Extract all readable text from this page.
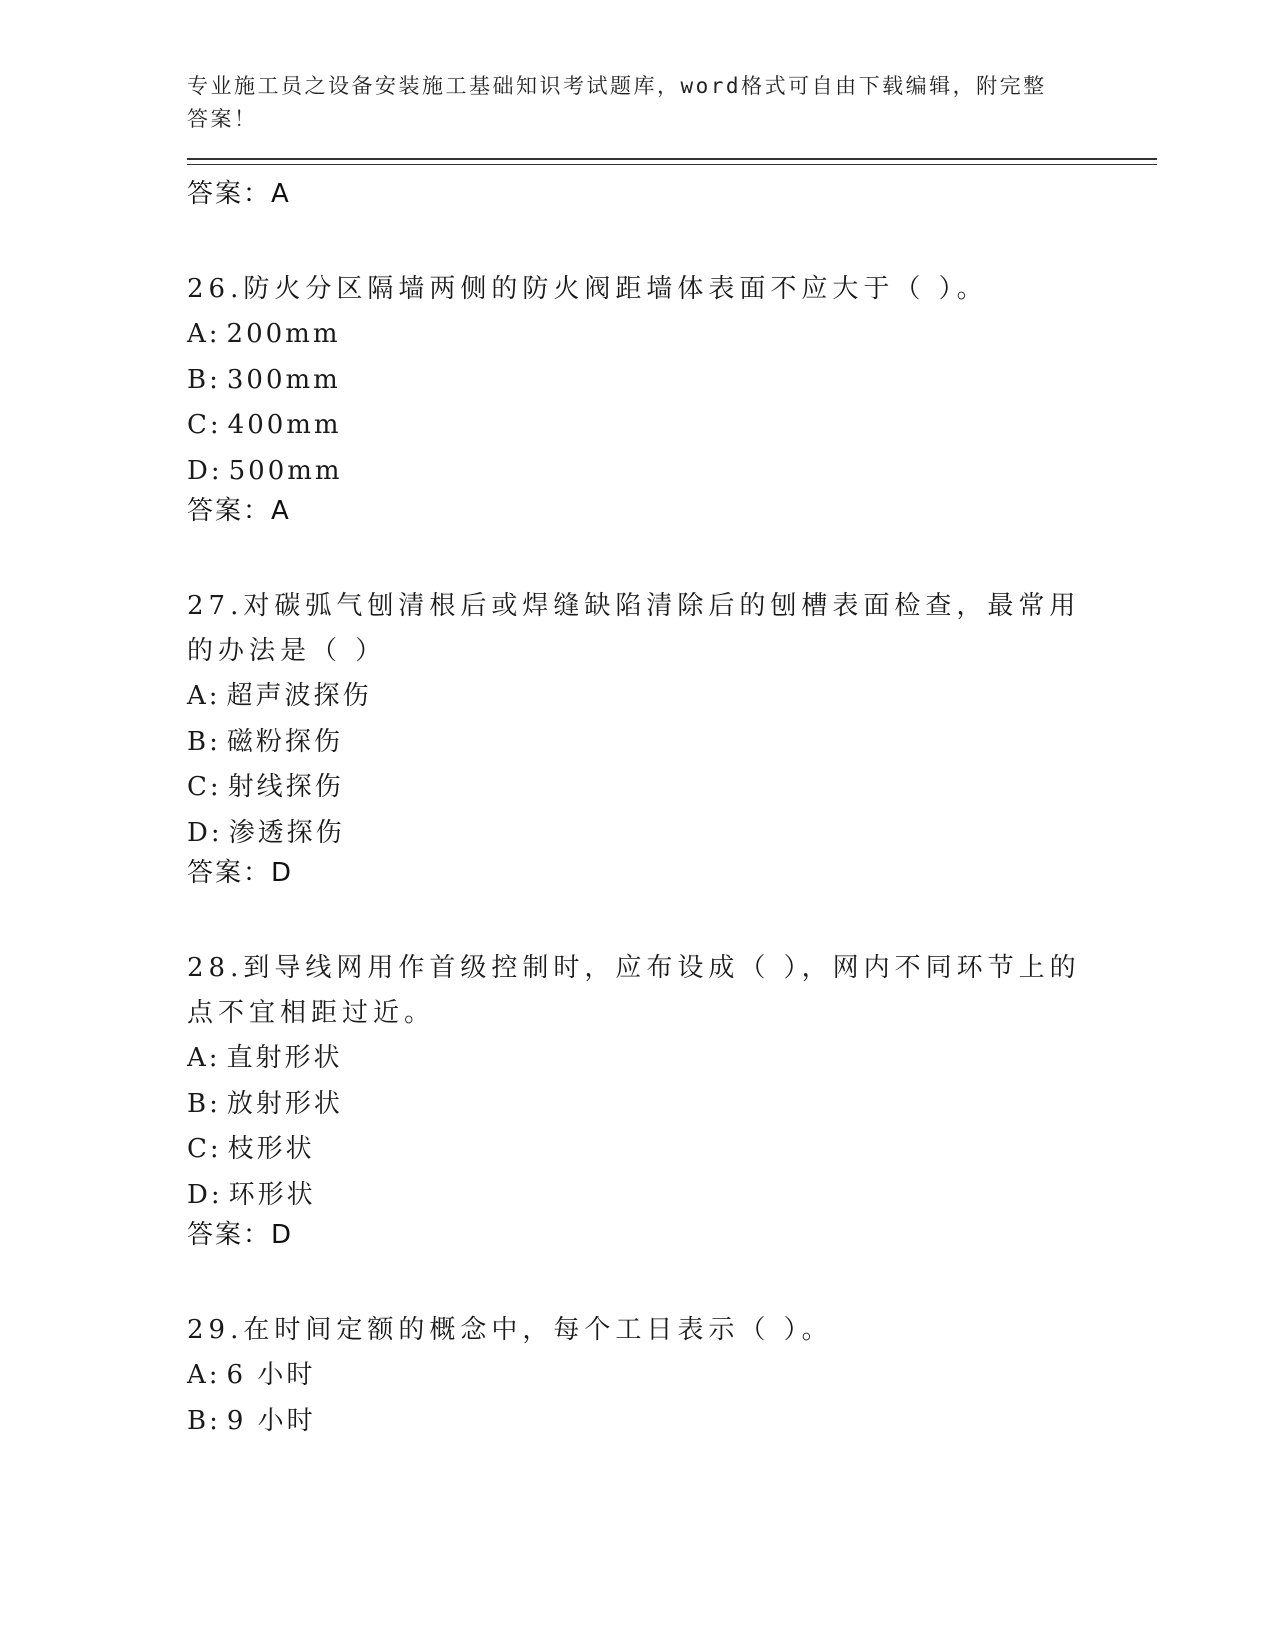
专业施工员之设备安装施工基础知识考试题库，word格式可自由下载编辑，附完整答案！
答案：A
26.防火分区隔墙两侧的防火阀距墙体表面不应大于（ ）。
A: 200mm
B: 300mm
C: 400mm
D: 500mm
答案：A
27.对碳弧气刨清根后或焊缝缺陷清除后的刨槽表面检查，最常用的办法是（ ）
A: 超声波探伤
B: 磁粉探伤
C: 射线探伤
D: 渗透探伤
答案：D
28.到导线网用作首级控制时，应布设成（ ），网内不同环节上的点不宜相距过近。
A: 直射形状
B: 放射形状
C: 枝形状
D: 环形状
答案：D
29.在时间定额的概念中，每个工日表示（ ）。
A: 6 小时
B: 9 小时
